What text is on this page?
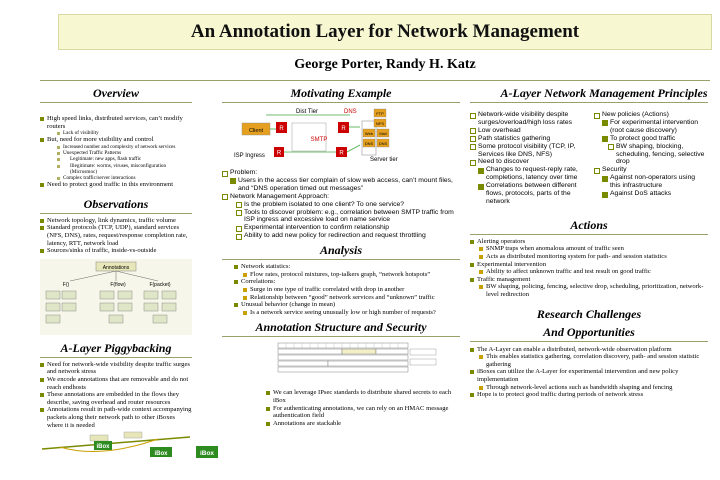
An Annotation Layer for Network Management
George Porter, Randy H. Katz
Overview
High speed links, distributed services, can’t modify routers
Lack of visibility
But, need for more visibility and control
Increased number and complexity of network services
Unexpected Traffic Patterns
Legitimate: new apps, flash traffic
Illegitimate: worms, viruses, misconfiguration (Microsmoc)
Complex traffic/server interactions
Need to protect good traffic in this environment
Observations
Network topology, link dynamics, traffic volume
Standard protocols (TCP, UDP), standard services (NFS, DNS), rates, request/response completion rate, latency, RTT, network load
Sources/sinks of traffic, inside-vs-outside
Annotations
F()	F(flow)	F(packet)
A-Layer Piggybacking
Need for network-wide visibility despite traffic surges and network stress
We encode annotations that are removable and do not reach endhosts
These annotations are embedded in the flows they describe, saving overhead and router resources
Annotations result in path-wide context accompanying packets along their network path to other iBoxes where it is needed
iBox
iBox	iBox
Motivating Example
Dist Tier	DNS
Client	R
SMTP
R
R	R
ISP Ingress
FTP
NFS
Web
DNS
Mail
DNS
Server tier
Problem:
Users in the access tier complain of slow web access, can’t mount files, and “DNS operation timed out messages”
Network Management Approach:
Is the problem isolated to one client? To one service?
Tools to discover problem: e.g., correlation between SMTP traffic from ISP ingress and excessive load on name service
Experimental intervention to confirm relationship
Ability to add new policy for redirection and request throttling
Analysis
Network statistics:
Flow rates, protocol mixtures, top-talkers graph, “network hotspots”
Correlations:
Surge in one type of traffic correlated with drop in another
Relationship between “good” network services and “unknown” traffic
Unusual behavior (change in mean)
Is a network service seeing unusually low or high number of requests?
Annotation Structure and Security
We can leverage IPsec standards to distribute shared secrets to each iBox
For authenticating annotations, we can rely on an HMAC message authentication field
Annotations are stackable
A-Layer Network Management Principles
Network-wide visibility despite surges/overload/high loss rates
Low overhead
Path statistics gathering
Some protocol visibility (TCP, IP, Services like DNS, NFS)
Need to discover
Changes to request-reply rate, completions, latency over time
Correlations between different flows, protocols, parts of the network
New policies (Actions)
For experimental intervention (root cause discovery)
To protect good traffic
BW shaping, blocking, scheduling, fencing, selective drop
Security
Against non-operators using this infrastructure
Against DoS attacks
Actions
Alerting operators
SNMP traps when anomalous amount of traffic seen
Acts as distributed monitoring system for path- and session statistics
Experimental intervention
Ability to affect unknown traffic and test result on good traffic
Traffic management
BW shaping, policing, fencing, selective drop, scheduling, prioritization, network-level redirection
Research Challenges
And Opportunities
The A-Layer can enable a distributed, network-wide observation platform
This enables statistics gathering, correlation discovery, path- and session statistic gathering
iBoxes can utilize the A-Layer for experimental intervention and new policy implementation
Through network-level actions such as bandwidth shaping and fencing
Hope is to protect good traffic during periods of network stress
